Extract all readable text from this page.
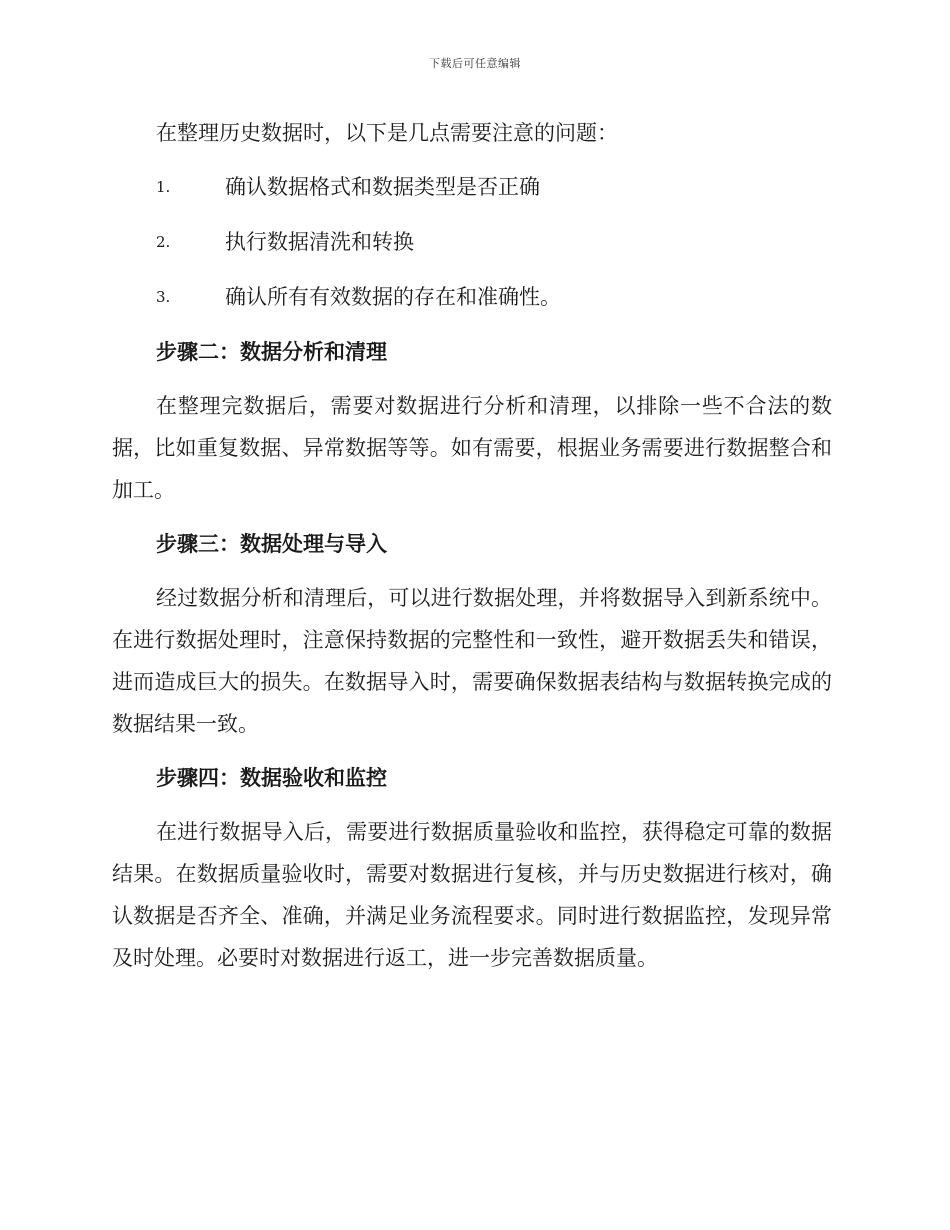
下载后可任意编辑

在整理历史数据时，以下是几点需要注意的问题：

1.	确认数据格式和数据类型是否正确
2.	执行数据清洗和转换
3.	确认所有有效数据的存在和准确性。
步骤二：数据分析和清理

在整理完数据后，需要对数据进行分析和清理，以排除一些不合法的数据，比如重复数据、异常数据等等。如有需要，根据业务需要进行数据整合和加工。

步骤三：数据处理与导入

经过数据分析和清理后，可以进行数据处理，并将数据导入到新系统中。在进行数据处理时，注意保持数据的完整性和一致性，避开数据丢失和错误，进而造成巨大的损失。在数据导入时，需要确保数据表结构与数据转换完成的数据结果一致。

步骤四：数据验收和监控

在进行数据导入后，需要进行数据质量验收和监控，获得稳定可靠的数据结果。在数据质量验收时，需要对数据进行复核，并与历史数据进行核对，确认数据是否齐全、准确，并满足业务流程要求。同时进行数据监控，发现异常及时处理。必要时对数据进行返工，进一步完善数据质量。
